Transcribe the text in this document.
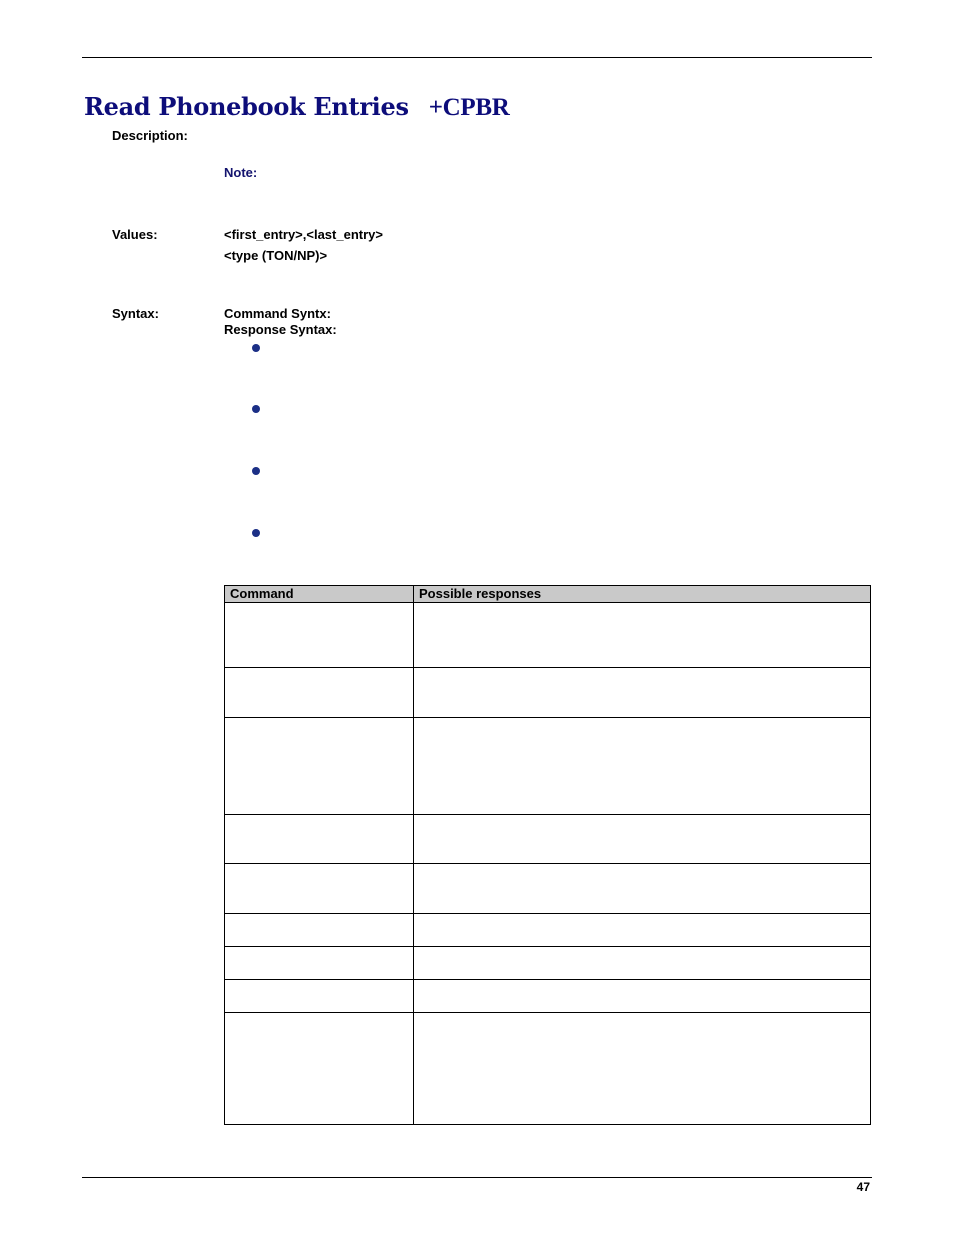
Read Phonebook Entries +CPBR
Description:
Note:
Values:	<first_entry>,<last_entry>
<type (TON/NP)>
Syntax:	Command Syntx:
Response Syntax:
Command	Possible responses

47
